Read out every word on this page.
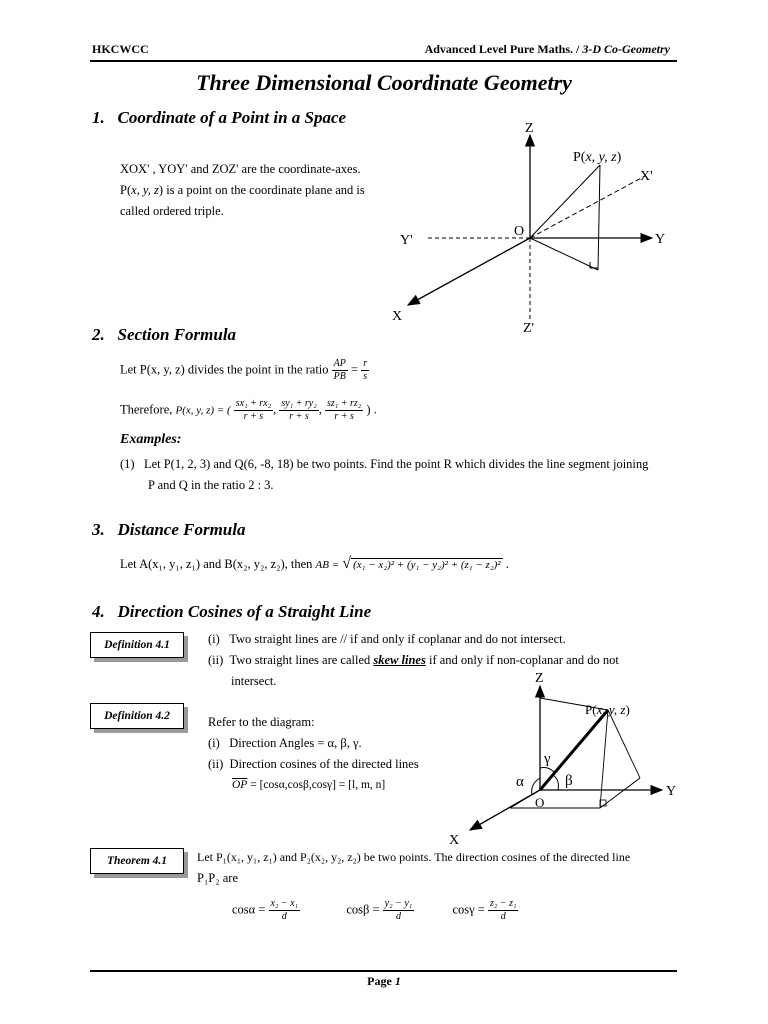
HKCWCC	Advanced Level Pure Maths. / 3-D Co-Geometry
Three Dimensional Coordinate Geometry
1. Coordinate of a Point in a Space
XOX' , YOY' and ZOZ' are the coordinate-axes.
P(x, y, z) is a point on the coordinate plane and is
called ordered triple.
Z
Z'
Y
Y'
X
X'
O
P(x, y, z)
2. Section Formula
Let P(x, y, z) divides the point in the ratio $\frac{AP}{PB} = \frac{r}{s}$
Therefore, P(x, y, z) = ( $\frac{\text{sx₁ + rx₂}}{r + s}$ , $\frac{\text{sy₁ + ry₂}}{r + s}$ , $\frac{\text{sz₁ + rz₂}}{r + s}$ ) .
Examples:
(1) Let P(1, 2, 3) and Q(6, -8, 18) be two points. Find the point R which divides the line segment joining
P and Q in the ratio 2 : 3.
3. Distance Formula
Let A(x₁, y₁, z₁) and B(x₂, y₂, z₂), then AB = √ (x₁ − x₂)² + (y₁ − y₂)² + (z₁ − z₂)² .
4. Direction Cosines of a Straight Line
Definition 4.1	(i) Two straight lines are // if and only if coplanar and do not intersect.
(ii) Two straight lines are called skew lines if and only if non-coplanar and do not
intersect.
Definition 4.2	Refer to the diagram:
(i) Direction Angles = α, β, γ.
(ii) Direction cosines of the directed lines
$\overline{OP} = [\cos\alpha,\cos\beta,\cos\gamma] = [l$, m, n]
Z
Y
X
O
α	β
γ
P(x, y, z)
Theorem 4.1	Let P₁(x₁, y₁, z₁) and P₂(x₂, y₂, z₂) be two points. The direction cosines of the directed line
P₁P₂ are
$\cos\alpha = \frac{\text{x₂ − x₁}}{d}$	$\cos\beta = \frac{\text{y₂ − y₁}}{d}$	$\cos\gamma = \frac{\text{z₂ − z₁}}{d}$
Page 1
